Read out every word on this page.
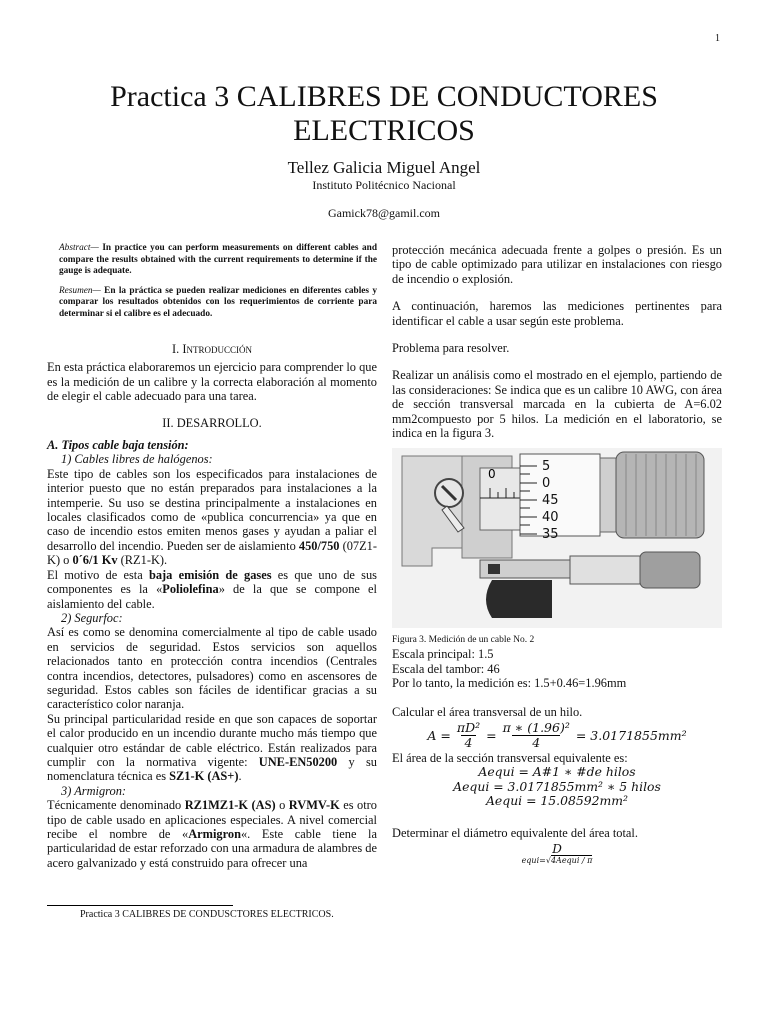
1
Practica 3 CALIBRES DE CONDUCTORES
ELECTRICOS
Tellez Galicia Miguel Angel
Instituto Politécnico Nacional
Gamick78@gamil.com

Abstract— In practice you can perform measurements on different cables and compare the results obtained with the current requirements to determine if the gauge is adequate.

Resumen— En la práctica se pueden realizar mediciones en diferentes cables y comparar los resultados obtenidos con los requerimientos de corriente para determinar si el calibre es el adecuado.

I. Introducción

En esta práctica elaboraremos un ejercicio para comprender lo que es la medición de un calibre y la correcta elaboración al momento de elegir el cable adecuado para una tarea.

II. DESARROLLO.

A. Tipos cable baja tensión:

1) Cables libres de halógenos:

Este tipo de cables son los especificados para instalaciones de interior puesto que no están preparados para instalaciones a la intemperie. Su uso se destina principalmente a instalaciones en locales clasificados como de «publica concurrencia» ya que en caso de incendio estos emiten menos gases y ayudan a paliar el desarrollo del incendio. Pueden ser de aislamiento 450/750 (07Z1-K) o 0´6/1 Kv (RZ1-K).

El motivo de esta baja emisión de gases es que uno de sus componentes es la «Poliolefina» de la que se compone el aislamiento del cable.

2) Segurfoc:

Así es como se denomina comercialmente al tipo de cable usado en servicios de seguridad. Estos servicios son aquellos relacionados tanto en protección contra incendios (Centrales contra incendios, detectores, pulsadores) como en ascensores de seguridad. Estos cables son fáciles de identificar gracias a su característico color naranja.

Su principal particularidad reside en que son capaces de soportar el calor producido en un incendio durante mucho más tiempo que cualquier otro estándar de cable eléctrico. Están realizados para cumplir con la normativa vigente: UNE-EN50200 y su nomenclatura técnica es SZ1-K (AS+).

3) Armigron:

Técnicamente denominado RZ1MZ1-K (AS) o RVMV-K es otro tipo de cable usado en aplicaciones especiales. A nivel comercial recibe el nombre de «Armigron«. Este cable tiene la particularidad de estar reforzado con una armadura de alambres de acero galvanizado y está construido para ofrecer una

protección mecánica adecuada frente a golpes o presión. Es un tipo de cable optimizado para utilizar en instalaciones con riesgo de incendio o explosión.

A continuación, haremos las mediciones pertinentes para identificar el cable a usar según este problema.

Problema para resolver.

Realizar un análisis como el mostrado en el ejemplo, partiendo de las consideraciones: Se indica que es un calibre 10 AWG, con área de sección transversal marcada en la cubierta de A=6.02 mm2compuesto por 5 hilos. La medición en el laboratorio, se indica en la figura 3.

0	5
0
45
40
35

Figura 3. Medición de un cable No. 2

Escala principal: 1.5

Escala del tambor: 46

Por lo tanto, la medición es: 1.5+0.46=1.96mm

Calcular el área transversal de un hilo.

$A = \frac{\text{πD²}}{4} = \frac{\text{π ∗ (1.96)²}}{4} = 3.0171855mm^2$

El área de la sección transversal equivalente es:

Aequi = A#1 ∗ #de hilos

Aequi = 3.0171855mm² ∗ 5 hilos

Aequi = 15.08592mm²

Determinar el diámetro equivalente del área total.

D
equi=√4Aequi / π
Practica 3 CALIBRES DE CONDUSCTORES ELECTRICOS.
